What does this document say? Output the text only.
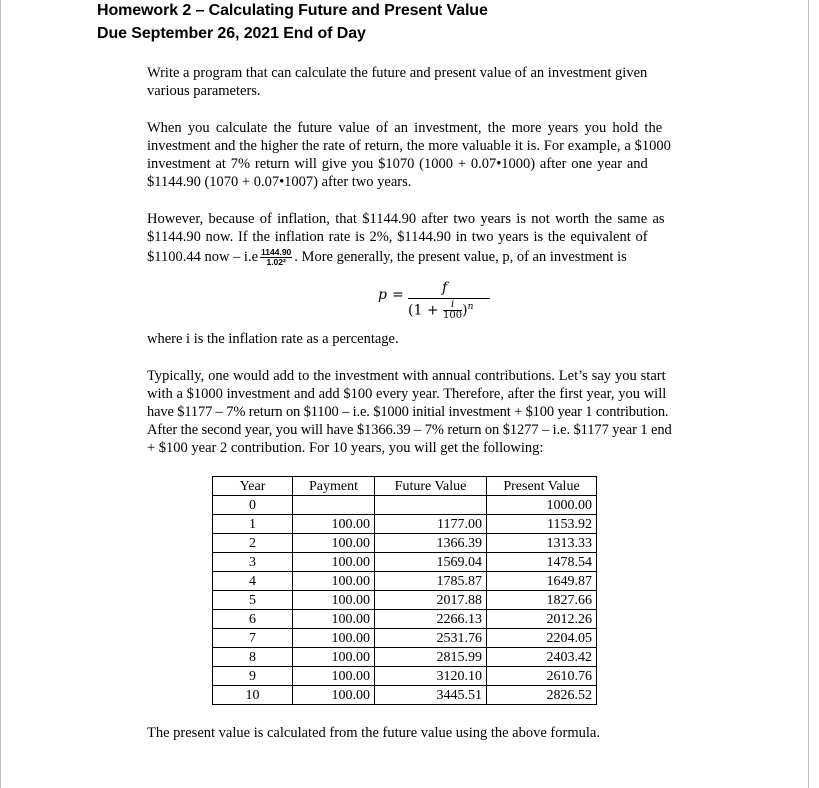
Homework 2 – Calculating Future and Present Value
Due September 26, 2021 End of Day
Write a program that can calculate the future and present value of an investment given
various parameters.
When you calculate the future value of an investment, the more years you hold the
investment and the higher the rate of return, the more valuable it is. For example, a $1000
investment at 7% return will give you $1070 (1000 + 0.07•1000) after one year and
$1144.90 (1070 + 0.07•1007) after two years.
However, because of inflation, that $1144.90 after two years is not worth the same as
$1144.90 now. If the inflation rate is 2%, $1144.90 in two years is the equivalent of
$1100.44 now – $i.e \frac{1144.90}{\text{1.02²}}$ . More generally, the present value, p, of an investment is
p =	f
$(1 + \frac{i}{100} )^n$
where i is the inflation rate as a percentage.
Typically, one would add to the investment with annual contributions. Let’s say you start
with a $1000 investment and add $100 every year. Therefore, after the first year, you will
have $1177 – 7% return on $1100 – i.e. $1000 initial investment + $100 year 1 contribution.
After the second year, you will have $1366.39 – 7% return on $1277 – i.e. $1177 year 1 end
+ $100 year 2 contribution. For 10 years, you will get the following:
Year	Payment	Future Value	Present Value
0			1000.00
1	100.00	1177.00	1153.92
2	100.00	1366.39	1313.33
3	100.00	1569.04	1478.54
4	100.00	1785.87	1649.87
5	100.00	2017.88	1827.66
6	100.00	2266.13	2012.26
7	100.00	2531.76	2204.05
8	100.00	2815.99	2403.42
9	100.00	3120.10	2610.76
10	100.00	3445.51	2826.52
The present value is calculated from the future value using the above formula.
